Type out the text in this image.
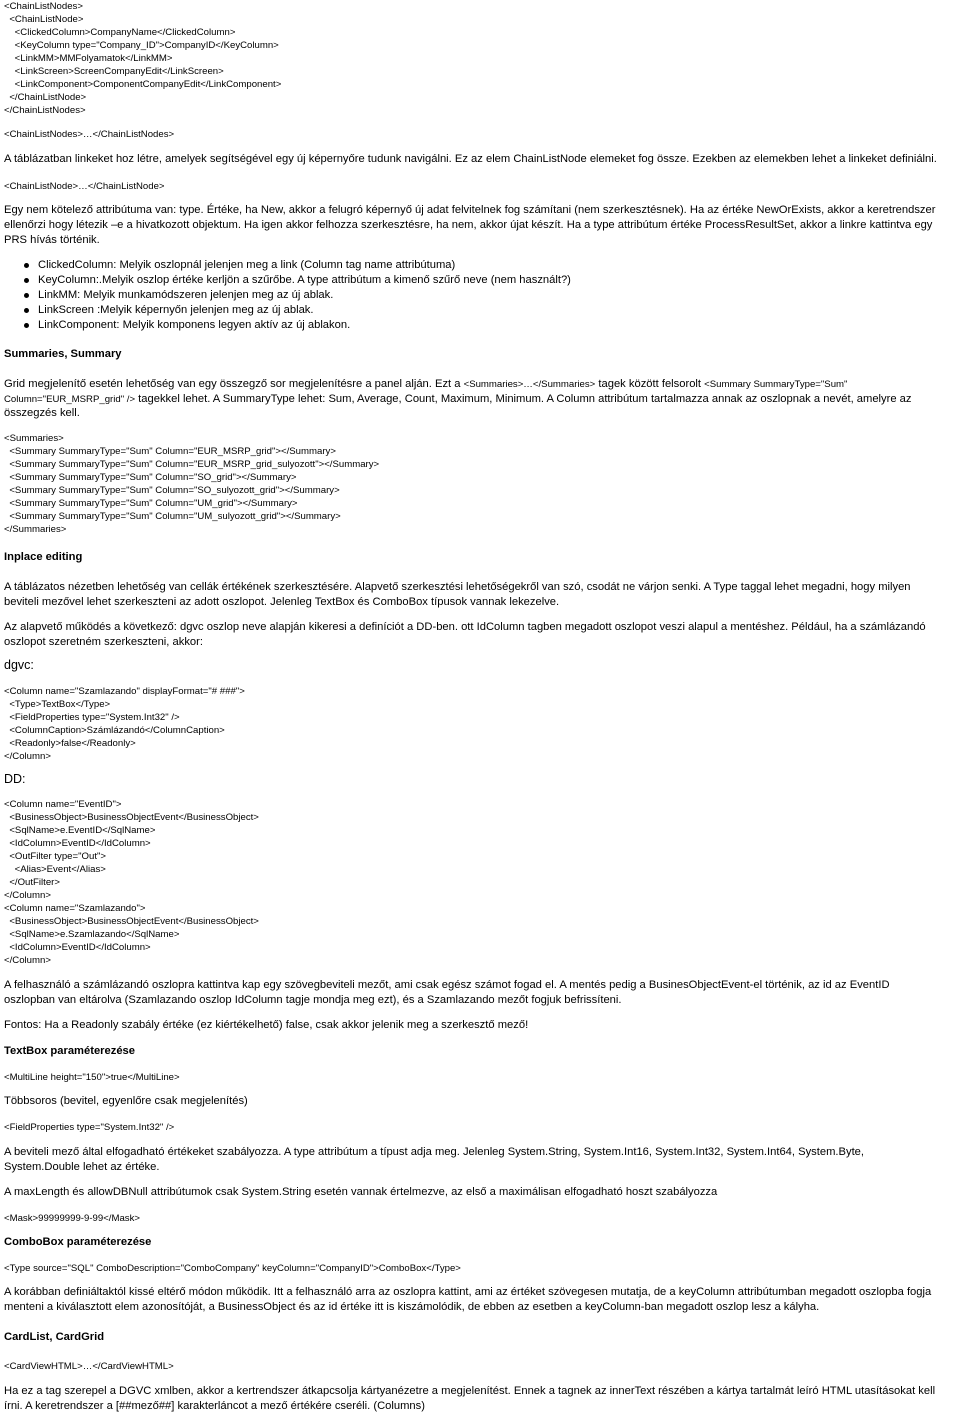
<ChainListNodes>
<ChainListNode>
<ClickedColumn>CompanyName</ClickedColumn>
<KeyColumn type="Company_ID">CompanyID</KeyColumn>
<LinkMM>MMFolyamatok</LinkMM>
<LinkScreen>ScreenCompanyEdit</LinkScreen>
<LinkComponent>ComponentCompanyEdit</LinkComponent>
</ChainListNode>
</ChainListNodes>
<ChainListNodes>…</ChainListNodes>
A táblázatban linkeket hoz létre, amelyek segítségével egy új képernyőre tudunk navigálni. Ez az elem ChainListNode elemeket fog össze. Ezekben az elemekben lehet a linkeket definiálni.
<ChainListNode>…</ChainListNode>
Egy nem kötelező attribútuma van: type. Értéke, ha New, akkor a felugró képernyő új adat felvitelnek fog számítani (nem szerkesztésnek). Ha az értéke NewOrExists, akkor a keretrendszer
ellenőrzi hogy létezik –e a hivatkozott objektum. Ha igen akkor felhozza szerkesztésre, ha nem, akkor újat készít. Ha a type attribútum értéke ProcessResultSet, akkor a linkre kattintva egy
PRS hívás történik.
ClickedColumn: Melyik oszlopnál jelenjen meg a link (Column tag name attribútuma)
KeyColumn:.Melyik oszlop értéke kerljön a szűrőbe. A type attribútum a kimenő szűrő neve (nem használt?)
LinkMM: Melyik munkamódszeren jelenjen meg az új ablak.
LinkScreen :Melyik képernyőn jelenjen meg az új ablak.
LinkComponent: Melyik komponens legyen aktív az új ablakon.
Summaries, Summary
Grid megjelenítő esetén lehetőség van egy összegző sor megjelenítésre a panel alján. Ezt a <Summaries>…</Summaries> tagek között felsorolt <Summary SummaryType="Sum"
Column="EUR_MSRP_grid" /> tagekkel lehet. A SummaryType lehet: Sum, Average, Count, Maximum, Minimum. A Column attribútum tartalmazza annak az oszlopnak a nevét, amelyre az
összegzés kell.
<Summaries>
<Summary SummaryType="Sum" Column="EUR_MSRP_grid"></Summary>
<Summary SummaryType="Sum" Column="EUR_MSRP_grid_sulyozott"></Summary>
<Summary SummaryType="Sum" Column="SO_grid"></Summary>
<Summary SummaryType="Sum" Column="SO_sulyozott_grid"></Summary>
<Summary SummaryType="Sum" Column="UM_grid"></Summary>
<Summary SummaryType="Sum" Column="UM_sulyozott_grid"></Summary>
</Summaries>
Inplace editing
A táblázatos nézetben lehetőség van cellák értékének szerkesztésére. Alapvető szerkesztési lehetőségekről van szó, csodát ne várjon senki. A Type taggal lehet megadni, hogy milyen
beviteli mezővel lehet szerkeszteni az adott oszlopot. Jelenleg TextBox és ComboBox típusok vannak lekezelve.
Az alapvető működés a következő: dgvc oszlop neve alapján kikeresi a definíciót a DD-ben. ott IdColumn tagben megadott oszlopot veszi alapul a mentéshez. Például, ha a számlázandó
oszlopot szeretném szerkeszteni, akkor:
dgvc:
<Column name="Szamlazando" displayFormat="# ###">
<Type>TextBox</Type>
<FieldProperties type="System.Int32" />
<ColumnCaption>Számlázandó</ColumnCaption>
<Readonly>false</Readonly>
</Column>
DD:
<Column name="EventID">
<BusinessObject>BusinessObjectEvent</BusinessObject>
<SqlName>e.EventID</SqlName>
<IdColumn>EventID</IdColumn>
<OutFilter type="Out">
<Alias>Event</Alias>
</OutFilter>
</Column>
<Column name="Szamlazando">
<BusinessObject>BusinessObjectEvent</BusinessObject>
<SqlName>e.Szamlazando</SqlName>
<IdColumn>EventID</IdColumn>
</Column>
A felhasználó a számlázandó oszlopra kattintva kap egy szövegbeviteli mezőt, ami csak egész számot fogad el. A mentés pedig a BusinesObjectEvent-el történik, az id az EventID
oszlopban van eltárolva (Szamlazando oszlop IdColumn tagje mondja meg ezt), és a Szamlazando mezőt fogjuk befrissíteni.
Fontos: Ha a Readonly szabály értéke (ez kiértékelhető) false, csak akkor jelenik meg a szerkesztő mező!
TextBox paraméterezése
<MultiLine height="150">true</MultiLine>
Többsoros (bevitel, egyenlőre csak megjelenítés)
<FieldProperties type="System.Int32" />
A beviteli mező által elfogadható értékeket szabályozza. A type attribútum a típust adja meg. Jelenleg System.String, System.Int16, System.Int32, System.Int64, System.Byte,
System.Double lehet az értéke.
A maxLength és allowDBNull attribútumok csak System.String esetén vannak értelmezve, az első a maximálisan elfogadható hoszt szabályozza
<Mask>99999999-9-99</Mask>
ComboBox paraméterezése
<Type source="SQL" ComboDescription="ComboCompany" keyColumn="CompanyID">ComboBox</Type>
A korábban definiáltaktól kissé eltérő módon működik. Itt a felhasználó arra az oszlopra kattint, ami az értéket szövegesen mutatja, de a keyColumn attribútumban megadott oszlopba fogja
menteni a kiválasztott elem azonosítóját, a BusinessObject és az id értéke itt is kiszámolódik, de ebben az esetben a keyColumn-ban megadott oszlop lesz a kályha.
CardList, CardGrid
<CardViewHTML>…</CardViewHTML>
Ha ez a tag szerepel a DGVC xmlben, akkor a kertrendszer átkapcsolja kártyanézetre a megjelenítést. Ennek a tagnek az innerText részében a kártya tartalmát leíró HTML utasításokat kell
írni. A keretrendszer a [##mező##] karakterláncot a mező értékére cseréli. (Columns)
